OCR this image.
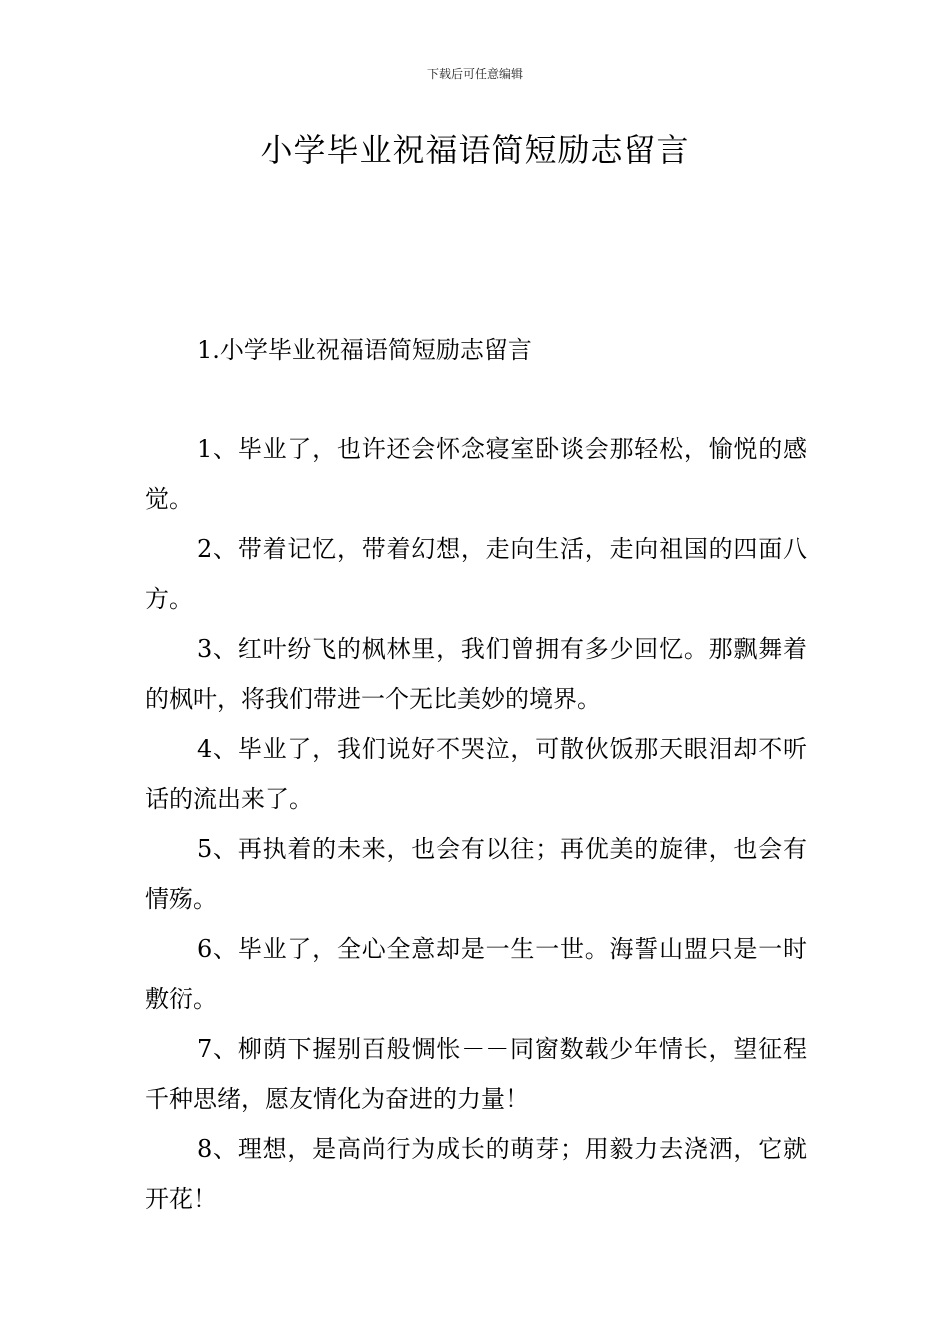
下载后可任意编辑
小学毕业祝福语简短励志留言
1.小学毕业祝福语简短励志留言
1、毕业了，也许还会怀念寝室卧谈会那轻松，愉悦的感觉。
2、带着记忆，带着幻想，走向生活，走向祖国的四面八方。
3、红叶纷飞的枫林里，我们曾拥有多少回忆。那飘舞着的枫叶，将我们带进一个无比美妙的境界。
4、毕业了，我们说好不哭泣，可散伙饭那天眼泪却不听话的流出来了。
5、再执着的未来，也会有以往；再优美的旋律，也会有情殇。
6、毕业了，全心全意却是一生一世。海誓山盟只是一时敷衍。
7、柳荫下握别百般惆怅－－同窗数载少年情长，望征程千种思绪，愿友情化为奋进的力量！
8、理想，是高尚行为成长的萌芽；用毅力去浇洒，它就开花！
